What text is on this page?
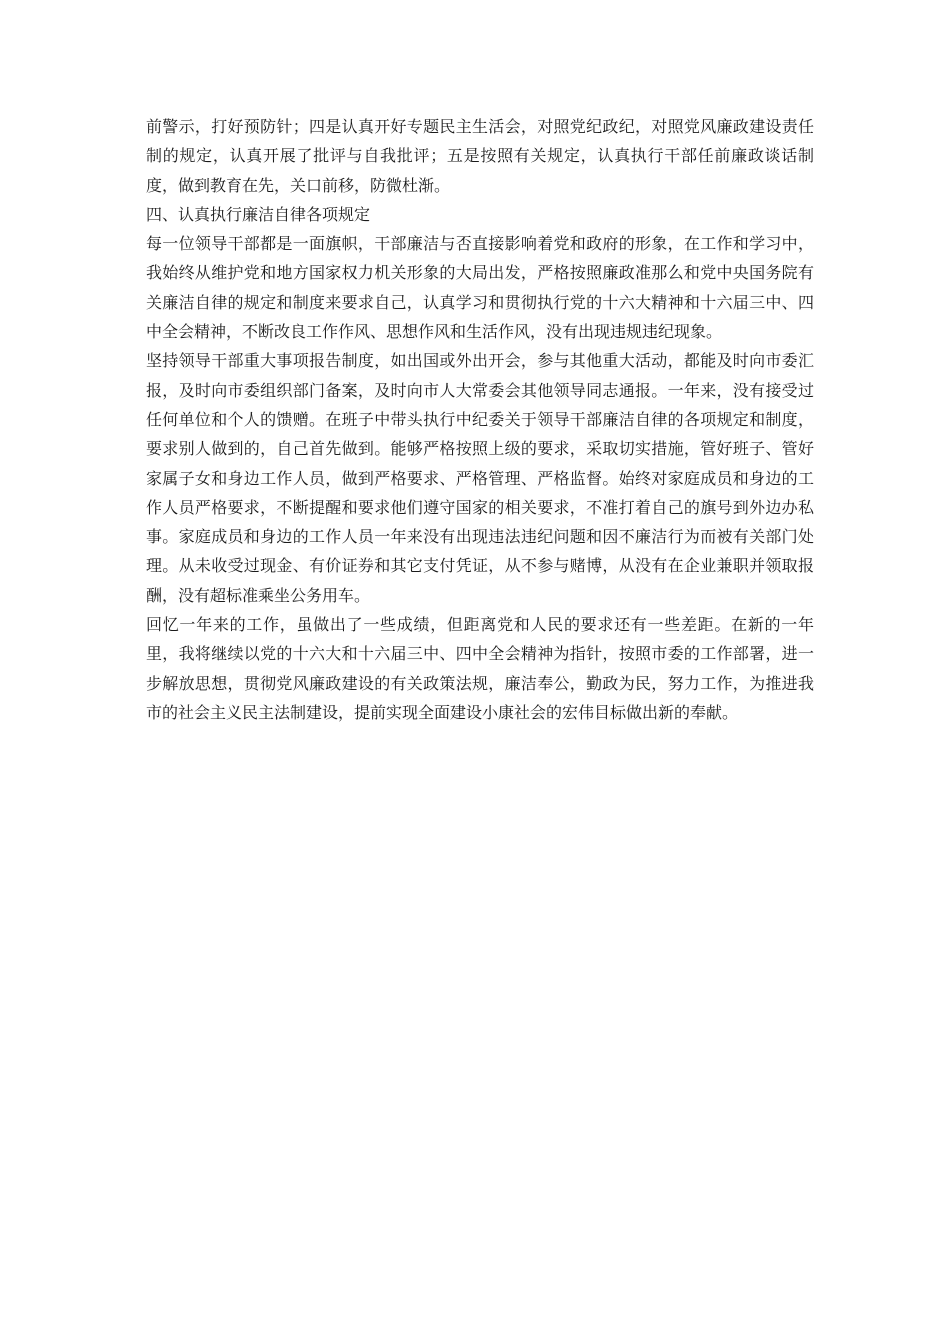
前警示，打好预防针；四是认真开好专题民主生活会，对照党纪政纪，对照党风廉政建设责任制的规定，认真开展了批评与自我批评；五是按照有关规定，认真执行干部任前廉政谈话制度，做到教育在先，关口前移，防微杜渐。

四、认真执行廉洁自律各项规定

每一位领导干部都是一面旗帜，干部廉洁与否直接影响着党和政府的形象，在工作和学习中，我始终从维护党和地方国家权力机关形象的大局出发，严格按照廉政准那么和党中央国务院有关廉洁自律的规定和制度来要求自己，认真学习和贯彻执行党的十六大精神和十六届三中、四中全会精神，不断改良工作作风、思想作风和生活作风，没有出现违规违纪现象。

坚持领导干部重大事项报告制度，如出国或外出开会，参与其他重大活动，都能及时向市委汇报，及时向市委组织部门备案，及时向市人大常委会其他领导同志通报。一年来，没有接受过任何单位和个人的馈赠。在班子中带头执行中纪委关于领导干部廉洁自律的各项规定和制度，要求别人做到的，自己首先做到。能够严格按照上级的要求，采取切实措施，管好班子、管好家属子女和身边工作人员，做到严格要求、严格管理、严格监督。始终对家庭成员和身边的工作人员严格要求，不断提醒和要求他们遵守国家的相关要求，不准打着自己的旗号到外边办私事。家庭成员和身边的工作人员一年来没有出现违法违纪问题和因不廉洁行为而被有关部门处理。从未收受过现金、有价证券和其它支付凭证，从不参与赌博，从没有在企业兼职并领取报酬，没有超标准乘坐公务用车。

回忆一年来的工作，虽做出了一些成绩，但距离党和人民的要求还有一些差距。在新的一年里，我将继续以党的十六大和十六届三中、四中全会精神为指针，按照市委的工作部署，进一步解放思想，贯彻党风廉政建设的有关政策法规，廉洁奉公，勤政为民，努力工作，为推进我市的社会主义民主法制建设，提前实现全面建设小康社会的宏伟目标做出新的奉献。
